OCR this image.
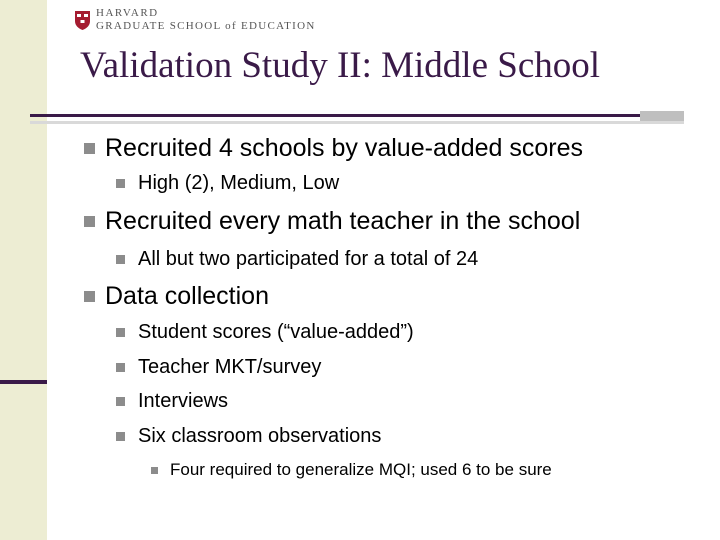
HARVARD
GRADUATE SCHOOL of EDUCATION
Validation Study II: Middle School
Recruited 4 schools by value-added scores
High (2), Medium, Low
Recruited every math teacher in the school
All but two participated for a total of 24
Data collection
Student scores (“value-added”)
Teacher MKT/survey
Interviews
Six classroom observations
Four required to generalize MQI; used 6 to be sure
